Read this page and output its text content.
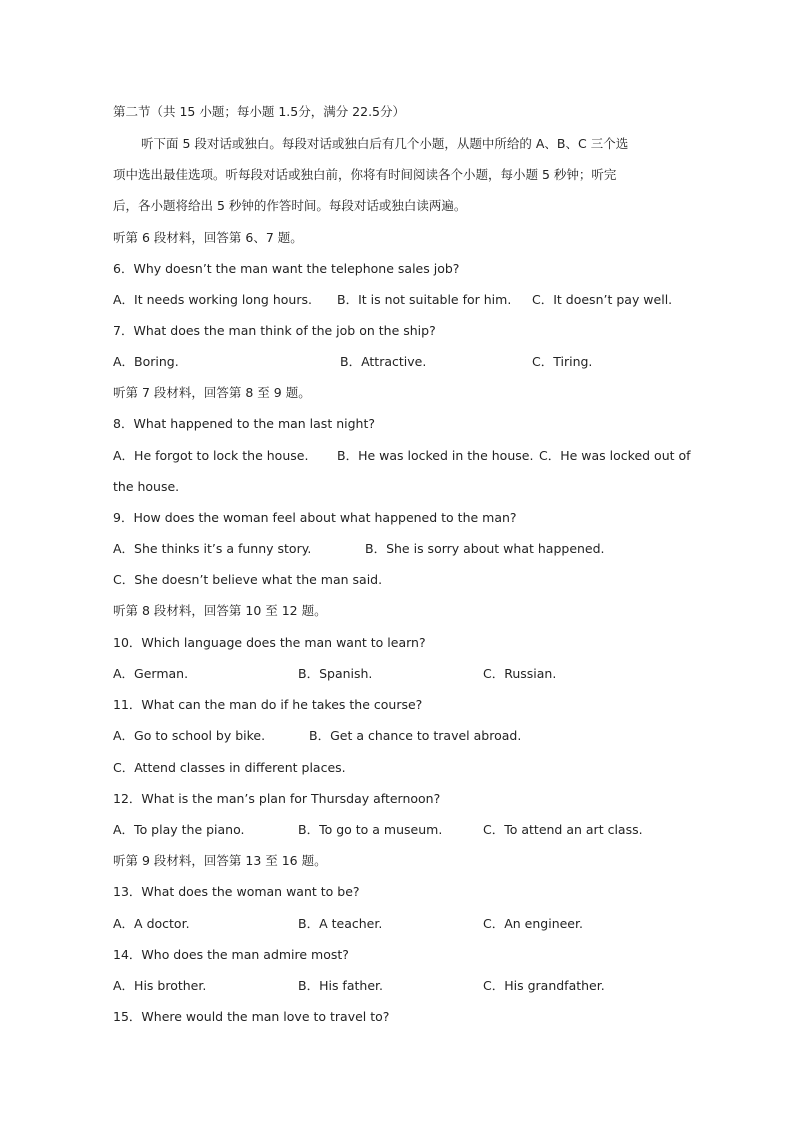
第二节（共 15 小题；每小题 1.5分，满分 22.5分）
听下面 5 段对话或独白。每段对话或独白后有几个小题，从题中所给的 A、B、C 三个选
项中选出最佳选项。听每段对话或独白前，你将有时间阅读各个小题，每小题 5 秒钟；听完
后，各小题将给出 5 秒钟的作答时间。每段对话或独白读两遍。
听第 6 段材料，回答第 6、7 题。
6．Why doesn’t the man want the telephone sales job?
A．It needs working long hours. B．It is not suitable for him. C．It doesn’t pay well.
7．What does the man think of the job on the ship?
A．Boring.	B．Attractive.	C．Tiring.
听第 7 段材料，回答第 8 至 9 题。
8．What happened to the man last night?
A．He forgot to lock the house. B．He was locked in the house. C．He was locked out of
the house.
9．How does the woman feel about what happened to the man?
A．She thinks it’s a funny story.	B．She is sorry about what happened.
C．She doesn’t believe what the man said.
听第 8 段材料，回答第 10 至 12 题。
10．Which language does the man want to learn?
A．German.	B．Spanish.	C．Russian.
11．What can the man do if he takes the course?
A．Go to school by bike.	B．Get a chance to travel abroad.
C．Attend classes in different places.
12．What is the man’s plan for Thursday afternoon?
A．To play the piano.	B．To go to a museum.	C．To attend an art class.
听第 9 段材料，回答第 13 至 16 题。
13．What does the woman want to be?
A．A doctor.	B．A teacher.	C．An engineer.
14．Who does the man admire most?
A．His brother.	B．His father.	C．His grandfather.
15．Where would the man love to travel to?
